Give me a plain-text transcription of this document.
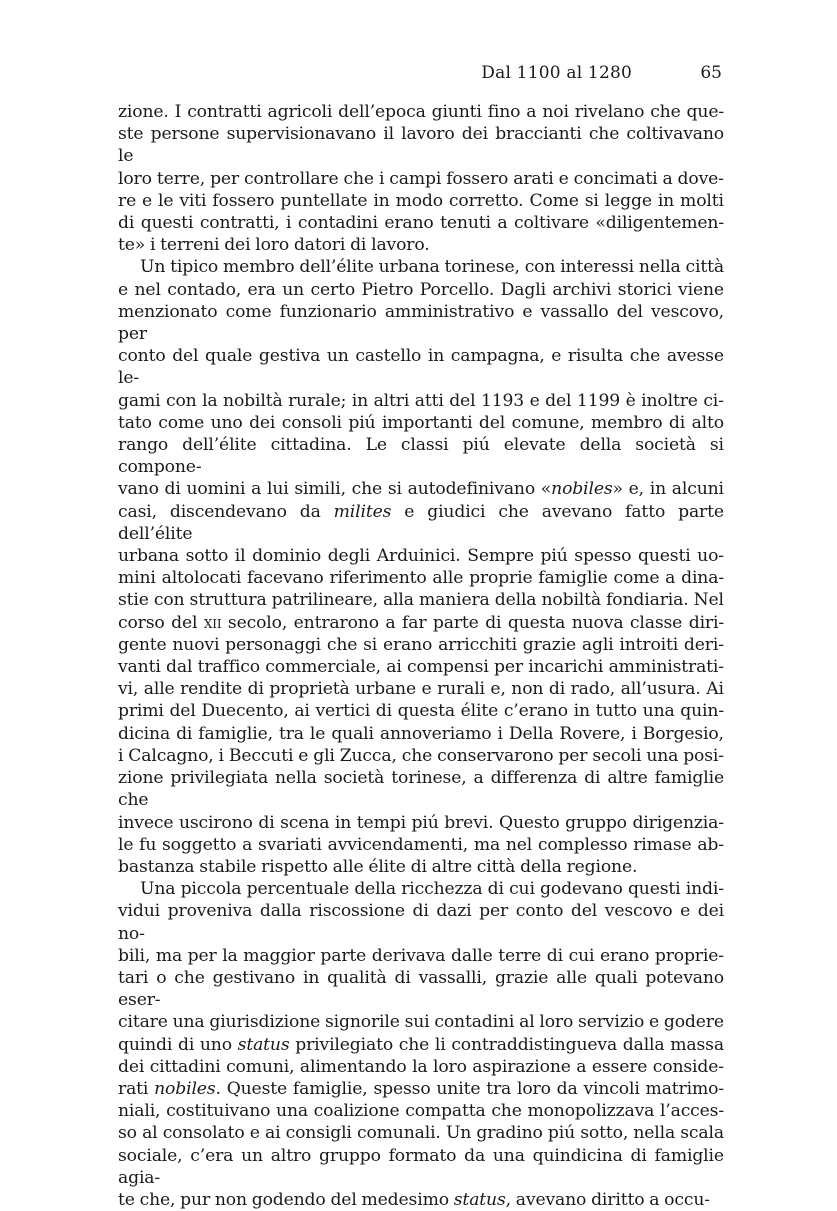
Dal 1100 al 1280	65

zione. I contratti agricoli dell’epoca giunti fino a noi rivelano che que-
ste persone supervisionavano il lavoro dei braccianti che coltivavano le
loro terre, per controllare che i campi fossero arati e concimati a dove-
re e le viti fossero puntellate in modo corretto. Come si legge in molti
di questi contratti, i contadini erano tenuti a coltivare «diligentemen-
te» i terreni dei loro datori di lavoro.

Un tipico membro dell’élite urbana torinese, con interessi nella città
e nel contado, era un certo Pietro Porcello. Dagli archivi storici viene
menzionato come funzionario amministrativo e vassallo del vescovo, per
conto del quale gestiva un castello in campagna, e risulta che avesse le-
gami con la nobiltà rurale; in altri atti del 1193 e del 1199 è inoltre ci-
tato come uno dei consoli piú importanti del comune, membro di alto
rango dell’élite cittadina. Le classi piú elevate della società si compone-
vano di uomini a lui simili, che si autodefinivano «nobiles» e, in alcuni
casi, discendevano da milites e giudici che avevano fatto parte dell’élite
urbana sotto il dominio degli Arduinici. Sempre piú spesso questi uo-
mini altolocati facevano riferimento alle proprie famiglie come a dina-
stie con struttura patrilineare, alla maniera della nobiltà fondiaria. Nel
corso del xii secolo, entrarono a far parte di questa nuova classe diri-
gente nuovi personaggi che si erano arricchiti grazie agli introiti deri-
vanti dal traffico commerciale, ai compensi per incarichi amministrati-
vi, alle rendite di proprietà urbane e rurali e, non di rado, all’usura. Ai
primi del Duecento, ai vertici di questa élite c’erano in tutto una quin-
dicina di famiglie, tra le quali annoveriamo i Della Rovere, i Borgesio,
i Calcagno, i Beccuti e gli Zucca, che conservarono per secoli una posi-
zione privilegiata nella società torinese, a differenza di altre famiglie che
invece uscirono di scena in tempi piú brevi. Questo gruppo dirigenzia-
le fu soggetto a svariati avvicendamenti, ma nel complesso rimase ab-
bastanza stabile rispetto alle élite di altre città della regione.

Una piccola percentuale della ricchezza di cui godevano questi indi-
vidui proveniva dalla riscossione di dazi per conto del vescovo e dei no-
bili, ma per la maggior parte derivava dalle terre di cui erano proprie-
tari o che gestivano in qualità di vassalli, grazie alle quali potevano eser-
citare una giurisdizione signorile sui contadini al loro servizio e godere
quindi di uno status privilegiato che li contraddistingueva dalla massa
dei cittadini comuni, alimentando la loro aspirazione a essere conside-
rati nobiles. Queste famiglie, spesso unite tra loro da vincoli matrimo-
niali, costituivano una coalizione compatta che monopolizzava l’acces-
so al consolato e ai consigli comunali. Un gradino piú sotto, nella scala
sociale, c’era un altro gruppo formato da una quindicina di famiglie agia-
te che, pur non godendo del medesimo status, avevano diritto a occu-
